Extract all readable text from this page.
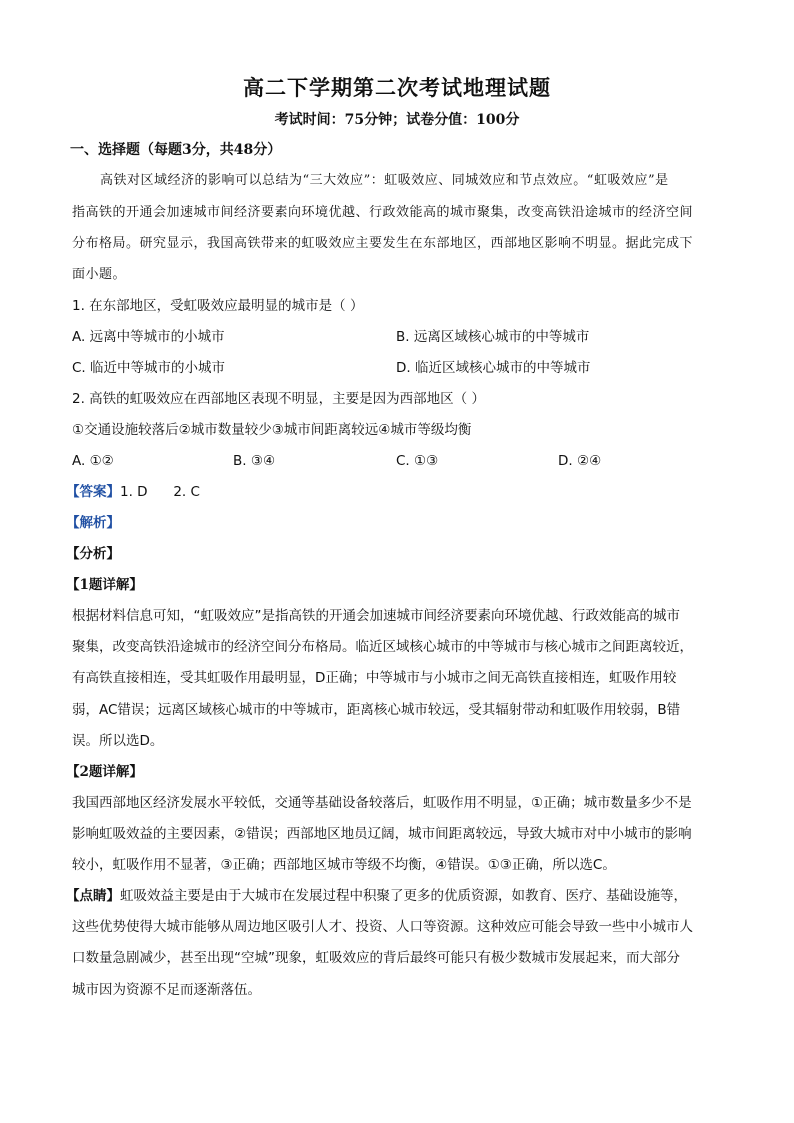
高二下学期第二次考试地理试题
考试时间：75分钟；试卷分值：100分
一、选择题（每题3分，共48分）
高铁对区域经济的影响可以总结为“三大效应”：虹吸效应、同城效应和节点效应。“虹吸效应”是
指高铁的开通会加速城市间经济要素向环境优越、行政效能高的城市聚集，改变高铁沿途城市的经济空间
分布格局。研究显示，我国高铁带来的虹吸效应主要发生在东部地区，西部地区影响不明显。据此完成下
面小题。
1. 在东部地区，受虹吸效应最明显的城市是（ ）
A. 远离中等城市的小城市	B. 远离区域核心城市的中等城市
C. 临近中等城市的小城市	D. 临近区域核心城市的中等城市
2. 高铁的虹吸效应在西部地区表现不明显，主要是因为西部地区（ ）
①交通设施较落后②城市数量较少③城市间距离较远④城市等级均衡
A. ①②	B. ③④	C. ①③	D. ②④
【答案】1. D      2. C
【解析】
【分析】
【1题详解】
根据材料信息可知，“虹吸效应”是指高铁的开通会加速城市间经济要素向环境优越、行政效能高的城市
聚集，改变高铁沿途城市的经济空间分布格局。临近区域核心城市的中等城市与核心城市之间距离较近，
有高铁直接相连，受其虹吸作用最明显，D正确；中等城市与小城市之间无高铁直接相连，虹吸作用较
弱，AC错误；远离区域核心城市的中等城市，距离核心城市较远，受其辐射带动和虹吸作用较弱，B错
误。所以选D。
【2题详解】
我国西部地区经济发展水平较低，交通等基础设备较落后，虹吸作用不明显，①正确；城市数量多少不是
影响虹吸效益的主要因素，②错误；西部地区地员辽阔，城市间距离较远，导致大城市对中小城市的影响
较小，虹吸作用不显著，③正确；西部地区城市等级不均衡，④错误。①③正确，所以选C。
【点睛】虹吸效益主要是由于大城市在发展过程中积聚了更多的优质资源，如教育、医疗、基础设施等，
这些优势使得大城市能够从周边地区吸引人才、投资、人口等资源。这种效应可能会导致一些中小城市人
口数量急剧减少，甚至出现“空城”现象，虹吸效应的背后最终可能只有极少数城市发展起来，而大部分
城市因为资源不足而逐渐落伍。
